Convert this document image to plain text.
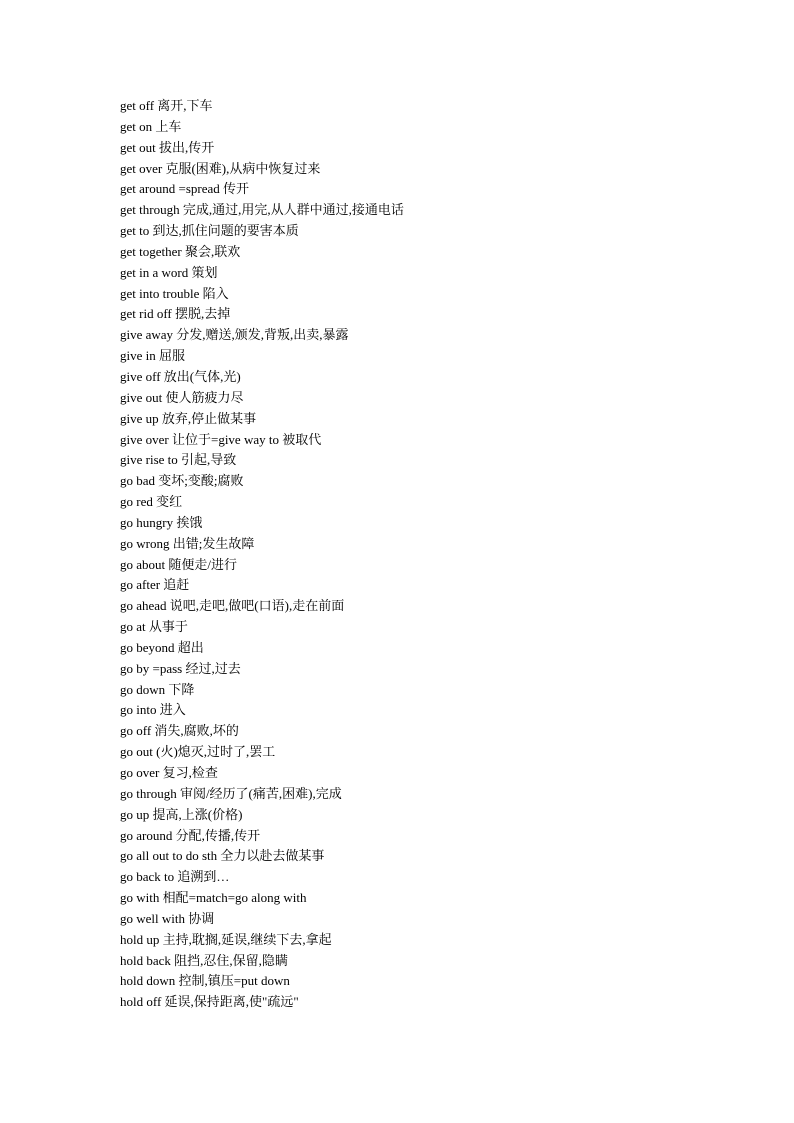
get off 离开,下车
get on 上车
get out 拔出,传开
get over 克服(困难),从病中恢复过来
get around =spread 传开
get through 完成,通过,用完,从人群中通过,接通电话
get to 到达,抓住问题的要害本质
get together 聚会,联欢
get in a word 策划
get into trouble 陷入
get rid off 摆脱,去掉
give away 分发,赠送,颁发,背叛,出卖,暴露
give in 屈服
give off 放出(气体,光)
give out 使人筋疲力尽
give up 放弃,停止做某事
give over 让位于=give way to 被取代
give rise to 引起,导致
go bad 变坏;变酸;腐败
go red 变红
go hungry 挨饿
go wrong 出错;发生故障
go about 随便走/进行
go after 追赶
go ahead 说吧,走吧,做吧(口语),走在前面
go at 从事于
go beyond 超出
go by =pass 经过,过去
go down 下降
go into 进入
go off 消失,腐败,坏的
go out (火)熄灭,过时了,罢工
go over 复习,检查
go through 审阅/经历了(痛苦,困难),完成
go up 提高,上涨(价格)
go around 分配,传播,传开
go all out to do sth 全力以赴去做某事
go back to 追溯到…
go with 相配=match=go along with
go well with 协调
hold up 主持,耽搁,延误,继续下去,拿起
hold back 阻挡,忍住,保留,隐瞒
hold down 控制,镇压=put down
hold off 延误,保持距离,使"疏远"
